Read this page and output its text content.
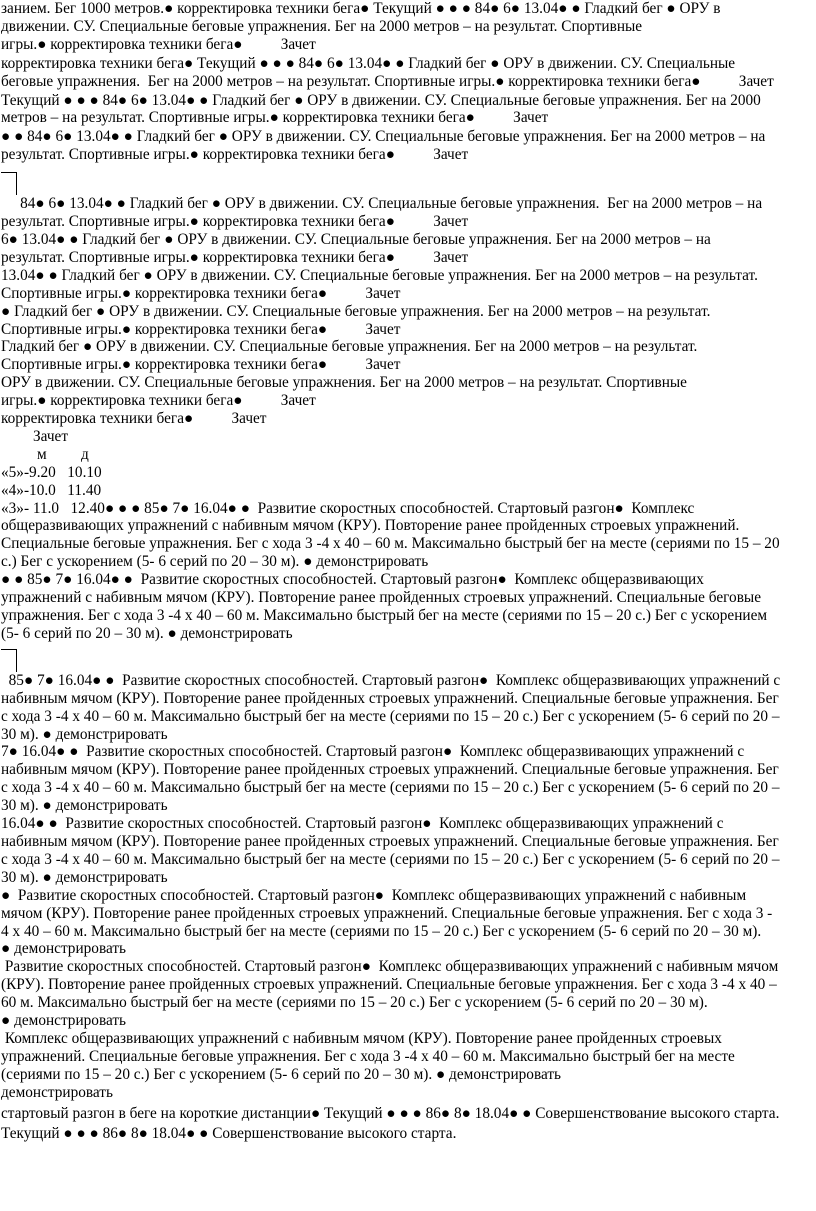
занием. Бег 1000 метров.● корректировка техники бега● Текущий ● ● ● 84● 6● 13.04● ● Гладкий бег ● ОРУ в

движении. СУ. Специальные беговые упражнения. Бег на 2000 метров – на результат. Спортивные

игры.● корректировка техники бега●          Зачет

корректировка техники бега● Текущий ● ● ● 84● 6● 13.04● ● Гладкий бег ● ОРУ в движении. СУ. Специальные

беговые упражнения.  Бег на 2000 метров – на результат. Спортивные игры.● корректировка техники бега●          Зачет

Текущий ● ● ● 84● 6● 13.04● ● Гладкий бег ● ОРУ в движении. СУ. Специальные беговые упражнения. Бег на 2000

метров – на результат. Спортивные игры.● корректировка техники бега●          Зачет

● ● 84● 6● 13.04● ● Гладкий бег ● ОРУ в движении. СУ. Специальные беговые упражнения. Бег на 2000 метров – на

результат. Спортивные игры.● корректировка техники бега●          Зачет

84● 6● 13.04● ● Гладкий бег ● ОРУ в движении. СУ. Специальные беговые упражнения.  Бег на 2000 метров – на

результат. Спортивные игры.● корректировка техники бега●          Зачет

6● 13.04● ● Гладкий бег ● ОРУ в движении. СУ. Специальные беговые упражнения. Бег на 2000 метров – на

результат. Спортивные игры.● корректировка техники бега●          Зачет

13.04● ● Гладкий бег ● ОРУ в движении. СУ. Специальные беговые упражнения. Бег на 2000 метров – на результат.

Спортивные игры.● корректировка техники бега●          Зачет

● Гладкий бег ● ОРУ в движении. СУ. Специальные беговые упражнения. Бег на 2000 метров – на результат.

Спортивные игры.● корректировка техники бега●          Зачет

Гладкий бег ● ОРУ в движении. СУ. Специальные беговые упражнения. Бег на 2000 метров – на результат.

Спортивные игры.● корректировка техники бега●          Зачет

ОРУ в движении. СУ. Специальные беговые упражнения. Бег на 2000 метров – на результат. Спортивные

игры.● корректировка техники бега●          Зачет

корректировка техники бега●          Зачет

Зачет

м д

«5»-9.20   10.10

«4»-10.0   11.40

«3»- 11.0   12.40● ● ● 85● 7● 16.04● ●  Развитие скоростных способностей. Стартовый разгон●  Комплекс

общеразвивающих упражнений с набивным мячом (КРУ). Повторение ранее пройденных строевых упражнений.

Специальные беговые упражнения. Бег с хода 3 -4 х 40 – 60 м. Максимально быстрый бег на месте (сериями по 15 – 20

с.) Бег с ускорением (5- 6 серий по 20 – 30 м). ● демонстрировать

● ● 85● 7● 16.04● ●  Развитие скоростных способностей. Стартовый разгон●  Комплекс общеразвивающих

упражнений с набивным мячом (КРУ). Повторение ранее пройденных строевых упражнений. Специальные беговые

упражнения. Бег с хода 3 -4 х 40 – 60 м. Максимально быстрый бег на месте (сериями по 15 – 20 с.) Бег с ускорением

(5- 6 серий по 20 – 30 м). ● демонстрировать

85● 7● 16.04● ●  Развитие скоростных способностей. Стартовый разгон●  Комплекс общеразвивающих упражнений с

набивным мячом (КРУ). Повторение ранее пройденных строевых упражнений. Специальные беговые упражнения. Бег

с хода 3 -4 х 40 – 60 м. Максимально быстрый бег на месте (сериями по 15 – 20 с.) Бег с ускорением (5- 6 серий по 20 –

30 м). ● демонстрировать

7● 16.04● ●  Развитие скоростных способностей. Стартовый разгон●  Комплекс общеразвивающих упражнений с

набивным мячом (КРУ). Повторение ранее пройденных строевых упражнений. Специальные беговые упражнения. Бег

с хода 3 -4 х 40 – 60 м. Максимально быстрый бег на месте (сериями по 15 – 20 с.) Бег с ускорением (5- 6 серий по 20 –

30 м). ● демонстрировать

16.04● ●  Развитие скоростных способностей. Стартовый разгон●  Комплекс общеразвивающих упражнений с

набивным мячом (КРУ). Повторение ранее пройденных строевых упражнений. Специальные беговые упражнения. Бег

с хода 3 -4 х 40 – 60 м. Максимально быстрый бег на месте (сериями по 15 – 20 с.) Бег с ускорением (5- 6 серий по 20 –

30 м). ● демонстрировать

●  Развитие скоростных способностей. Стартовый разгон●  Комплекс общеразвивающих упражнений с набивным

мячом (КРУ). Повторение ранее пройденных строевых упражнений. Специальные беговые упражнения. Бег с хода 3 -

4 х 40 – 60 м. Максимально быстрый бег на месте (сериями по 15 – 20 с.) Бег с ускорением (5- 6 серий по 20 – 30 м).

● демонстрировать

Развитие скоростных способностей. Стартовый разгон●  Комплекс общеразвивающих упражнений с набивным мячом

(КРУ). Повторение ранее пройденных строевых упражнений. Специальные беговые упражнения. Бег с хода 3 -4 х 40 –

60 м. Максимально быстрый бег на месте (сериями по 15 – 20 с.) Бег с ускорением (5- 6 серий по 20 – 30 м).

● демонстрировать

Комплекс общеразвивающих упражнений с набивным мячом (КРУ). Повторение ранее пройденных строевых

упражнений. Специальные беговые упражнения. Бег с хода 3 -4 х 40 – 60 м. Максимально быстрый бег на месте

(сериями по 15 – 20 с.) Бег с ускорением (5- 6 серий по 20 – 30 м). ● демонстрировать

демонстрировать

стартовый разгон в беге на короткие дистанции● Текущий ● ● ● 86● 8● 18.04● ● Совершенствование высокого старта.

Текущий ● ● ● 86● 8● 18.04● ● Совершенствование высокого старта.
